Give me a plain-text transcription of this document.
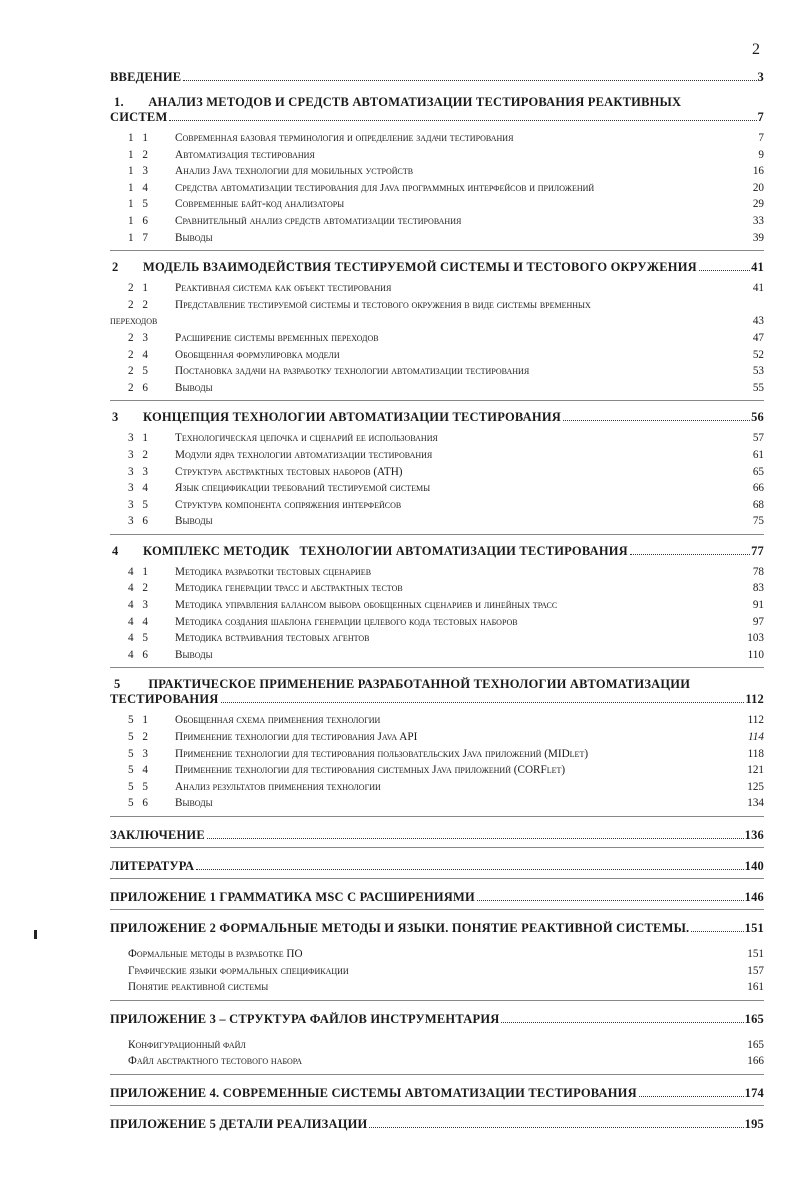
2
ВВЕДЕНИЕ	3
1. АНАЛИЗ МЕТОДОВ И СРЕДСТВ АВТОМАТИЗАЦИИ ТЕСТИРОВАНИЯ РЕАКТИВНЫХ
СИСТЕМ	7
1 1	Современная базовая терминология и определение задачи тестирования	7
1 2	Автоматизация тестирования	9
1 3	Анализ Java технологии для мобильных устройств	16
1 4	Средства автоматизации тестирования для Java программных интерфейсов и приложений	20
1 5	Современные байт-код анализаторы	29
1 6	Сравнительный анализ средств автоматизации тестирования	33
1 7	Выводы	39
2	МОДЕЛЬ ВЗАИМОДЕЙСТВИЯ ТЕСТИРУЕМОЙ СИСТЕМЫ И ТЕСТОВОГО ОКРУЖЕНИЯ	41
2 1	Реактивная система как объект тестирования	41
2 2	Представление тестируемой системы и тестового окружения в виде системы временных
переходов	43
2 3	Расширение системы временных переходов	47
2 4	Обобщенная формулировка модели	52
2 5	Постановка задачи на разработку технологии автоматизации тестирования	53
2 6	Выводы	55
3	КОНЦЕПЦИЯ ТЕХНОЛОГИИ АВТОМАТИЗАЦИИ ТЕСТИРОВАНИЯ	56
3 1	Технологическая цепочка и сценарий ее использования	57
3 2	Модули ядра технологии автоматизации тестирования	61
3 3	Структура абстрактных тестовых наборов (ATH)	65
3 4	Язык спецификации требований тестируемой системы	66
3 5	Структура компонента сопряжения интерфейсов	68
3 6	Выводы	75
4	КОМПЛЕКС МЕТОДИК   ТЕХНОЛОГИИ АВТОМАТИЗАЦИИ ТЕСТИРОВАНИЯ	77
4 1	Методика разработки тестовых сценариев	78
4 2	Методика генерации трасс и абстрактных тестов	83
4 3	Методика управления балансом выбора обобщенных сценариев и линейных трасс	91
4 4	Методика создания шаблона генерации целевого кода тестовых наборов	97
4 5	Методика встраивания тестовых агентов	103
4 6	Выводы	110
5 ПРАКТИЧЕСКОЕ ПРИМЕНЕНИЕ РАЗРАБОТАННОЙ ТЕХНОЛОГИИ АВТОМАТИЗАЦИИ
ТЕСТИРОВАНИЯ	112
5 1	Обобщенная схема применения технологии	112
5 2	Применение технологии для тестирования Java API	114
5 3	Применение технологии для тестирования пользовательских Java приложений (MIDlet)	118
5 4	Применение технологии для тестирования системных Java приложений (CORFlet)	121
5 5	Анализ результатов применения технологии	125
5 6	Выводы	134
ЗАКЛЮЧЕНИЕ	136
ЛИТЕРАТУРА	140
ПРИЛОЖЕНИЕ 1 ГРАММАТИКА MSC С РАСШИРЕНИЯМИ	146
ПРИЛОЖЕНИЕ 2 ФОРМАЛЬНЫЕ МЕТОДЫ И ЯЗЫКИ. ПОНЯТИЕ РЕАКТИВНОЙ СИСТЕМЫ.	151
Формальные методы в разработке ПО	151
Графические языки формальных спецификации	157
Понятие реактивной системы	161
ПРИЛОЖЕНИЕ 3 – СТРУКТУРА ФАЙЛОВ ИНСТРУМЕНТАРИЯ	165
Конфигурационный файл	165
Файл абстрактного тестового набора	166
ПРИЛОЖЕНИЕ 4. СОВРЕМЕННЫЕ СИСТЕМЫ АВТОМАТИЗАЦИИ ТЕСТИРОВАНИЯ	174
ПРИЛОЖЕНИЕ 5 ДЕТАЛИ РЕАЛИЗАЦИИ	195
